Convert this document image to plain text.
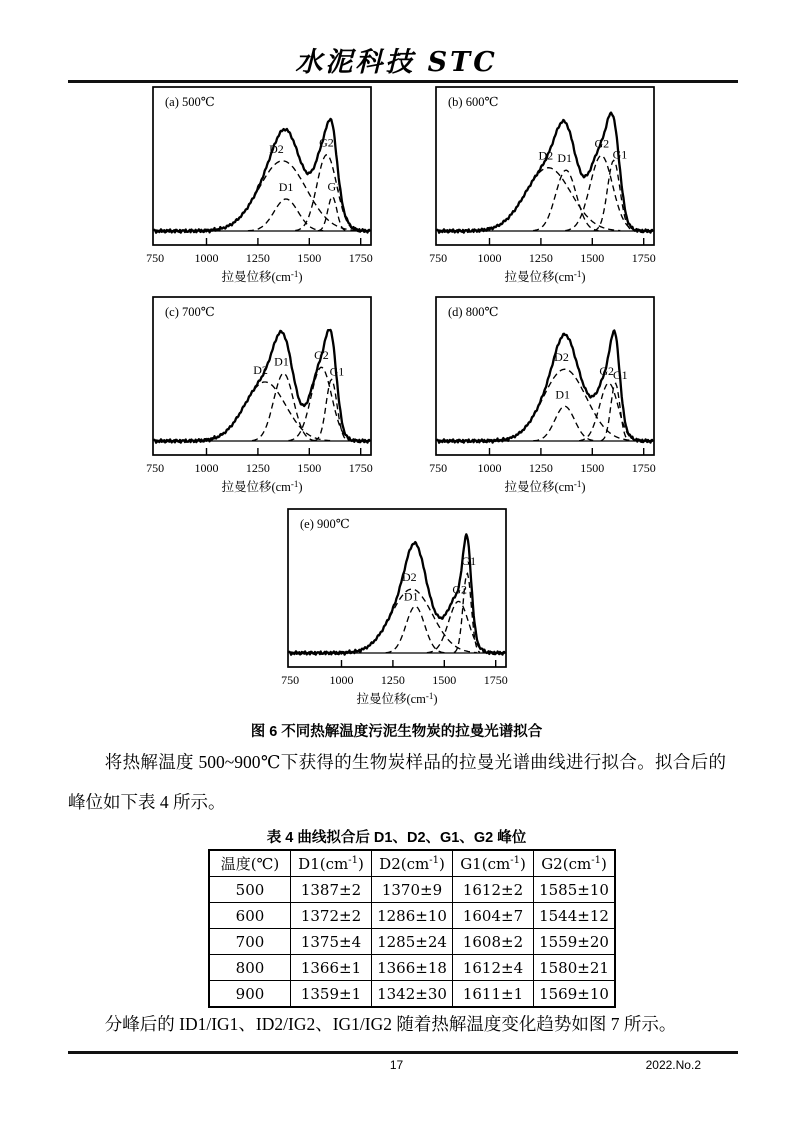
水泥科技 STC
(a) 500℃
D2
D1
G2
G1
750	1000 1250 1500 1750
拉曼位移$(cm^{-1})$
(b) 600℃
D2 D1
G2
G1
750	1000 1250 1500 1750
拉曼位移$(cm^{-1})$
(c) 700℃
D2
D1 G2
G1
750	1000 1250 1500 1750
拉曼位移$(cm^{-1})$
(d) 800℃
D2
D1
G2
G1
750	1000 1250 1500 1750
拉曼位移$(cm^{-1})$
(e) 900℃
D2
D1	G2
G1
750	1000 1250 1500 1750
拉曼位移$(cm^{-1})$
图 6 不同热解温度污泥生物炭的拉曼光谱拟合
将热解温度 500~900℃下获得的生物炭样品的拉曼光谱曲线进行拟合。拟合后的峰位如下表 4 所示。
表 4 曲线拟合后 D1、D2、G1、G2 峰位
温度(℃)	$D1(cm^{-1})$	$D2(cm^{-1})$	$G1(cm^{-1})$	$G2(cm^{-1})$
500	1387±2	1370±9	1612±2	1585±10
600	1372±2	1286±10	1604±7	1544±12
700	1375±4	1285±24	1608±2	1559±20
800	1366±1	1366±18	1612±4	1580±21
900	1359±1	1342±30	1611±1	1569±10
分峰后的 ID1/IG1、ID2/IG2、IG1/IG2 随着热解温度变化趋势如图 7 所示。
17	2022.No.2
